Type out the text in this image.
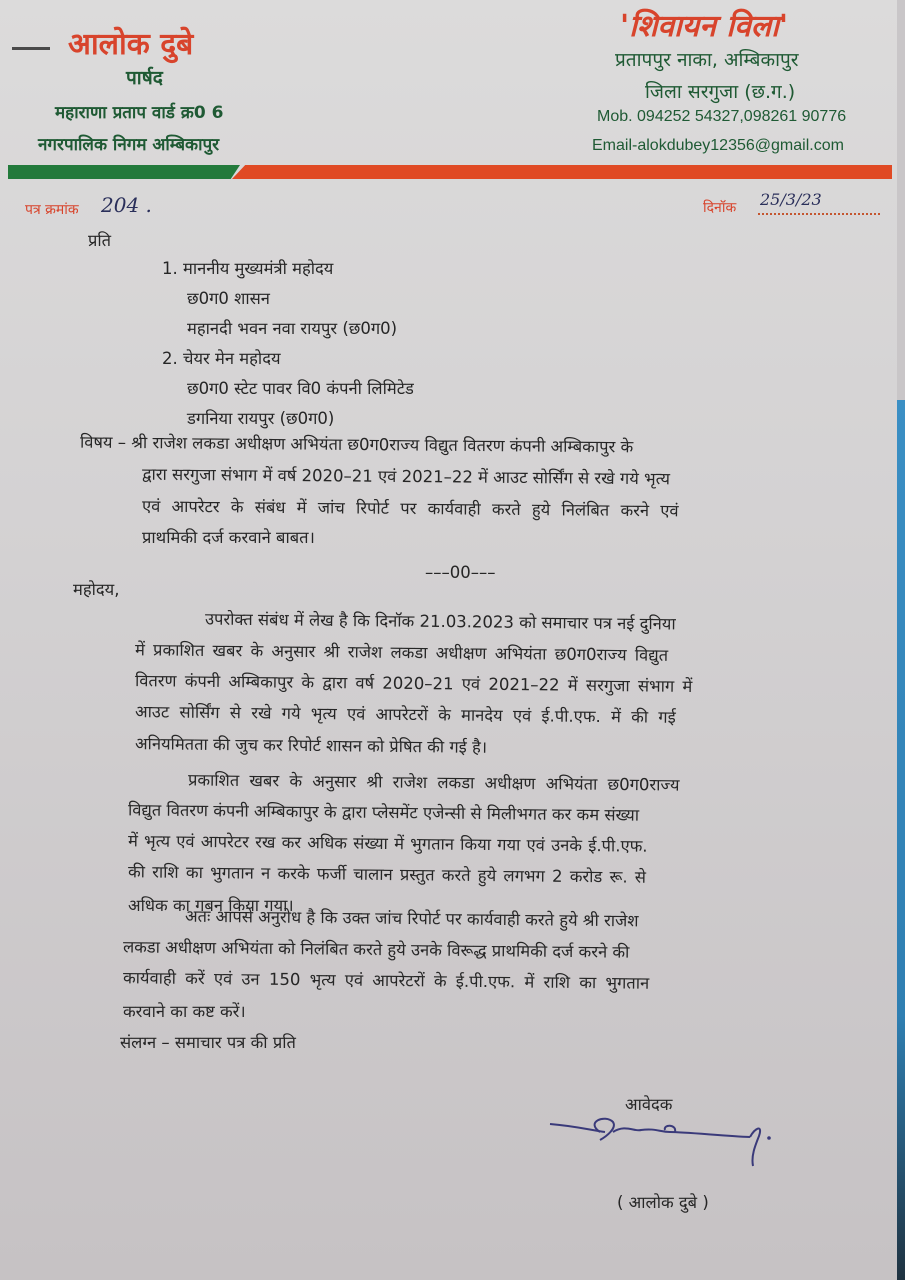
आलोक दुबे
पार्षद
महाराणा प्रताप वार्ड क्र0 6
नगरपालिक निगम अम्बिकापुर
'शिवायन विला'
प्रतापपुर नाका, अम्बिकापुर
जिला सरगुजा (छ.ग.)
Mob. 094252 54327,098261 90776
Email-alokdubey12356@gmail.com
पत्र क्रमांक 204 .	दिनॉक 25/3/23
प्रति
1. माननीय मुख्यमंत्री महोदय
छ0ग0 शासन
महानदी भवन नवा रायपुर (छ0ग0)
2. चेयर मेन महोदय
छ0ग0 स्टेट पावर वि0 कंपनी लिमिटेड
डगनिया रायपुर (छ0ग0)
विषय – श्री राजेश लकडा अधीक्षण अभियंता छ0ग0राज्य विद्युत वितरण कंपनी अम्बिकापुर के
द्वारा सरगुजा संभाग में वर्ष 2020–21 एवं 2021–22 में आउट सोर्सिंग से रखे गये भृत्य
एवं आपरेटर के संबंध में जांच रिपोर्ट पर कार्यवाही करते हुये निलंबित करने एवं
प्राथमिकी दर्ज करवाने बाबत।
–––00–––
महोदय,
उपरोक्त संबंध में लेख है कि दिनॉक 21.03.2023 को समाचार पत्र नई दुनिया
में प्रकाशित खबर के अनुसार श्री राजेश लकडा अधीक्षण अभियंता छ0ग0राज्य विद्युत
वितरण कंपनी अम्बिकापुर के द्वारा वर्ष 2020–21 एवं 2021–22 में सरगुजा संभाग में
आउट सोर्सिंग से रखे गये भृत्य एवं आपरेटरों के मानदेय एवं ई.पी.एफ. में की गई
अनियमितता की जुच कर रिपोर्ट शासन को प्रेषित की गई है।
प्रकाशित खबर के अनुसार श्री राजेश लकडा अधीक्षण अभियंता छ0ग0राज्य
विद्युत वितरण कंपनी अम्बिकापुर के द्वारा प्लेसमेंट एजेन्सी से मिलीभगत कर कम संख्या
में भृत्य एवं आपरेटर रख कर अधिक संख्या में भुगतान किया गया एवं उनके ई.पी.एफ.
की राशि का भुगतान न करके फर्जी चालान प्रस्तुत करते हुये लगभग 2 करोड रू. से
अधिक का गबन किया गया।
अतः आपसे अनुरोध है कि उक्त जांच रिपोर्ट पर कार्यवाही करते हुये श्री राजेश
लकडा अधीक्षण अभियंता को निलंबित करते हुये उनके विरूद्ध प्राथमिकी दर्ज करने की
कार्यवाही करें एवं उन 150 भृत्य एवं आपरेटरों के ई.पी.एफ. में राशि का भुगतान
करवाने का कष्ट करें।
संलग्न – समाचार पत्र की प्रति
आवेदक
( आलोक दुबे )
